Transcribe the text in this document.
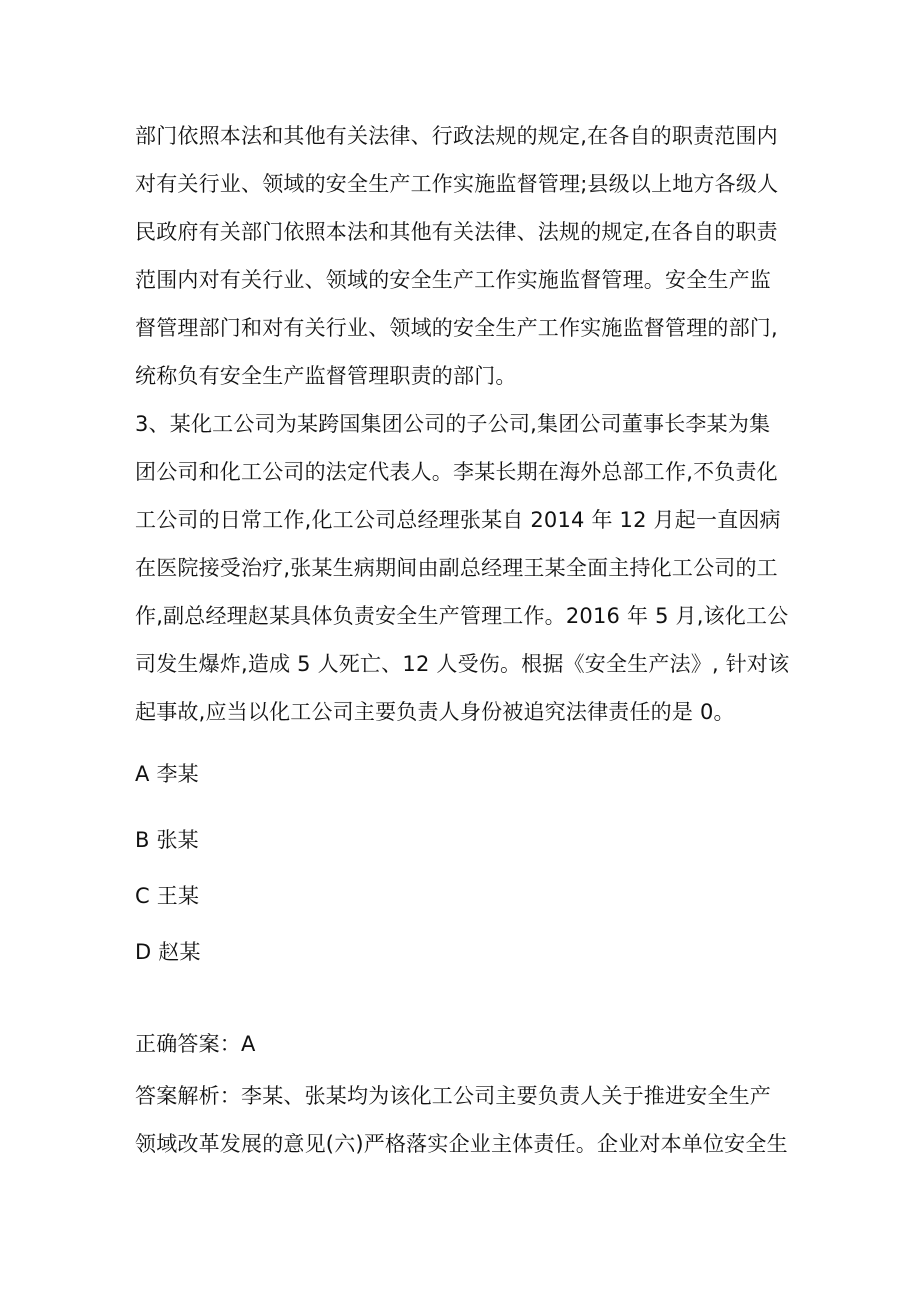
部门依照本法和其他有关法律、行政法规的规定,在各自的职责范围内
对有关行业、领域的安全生产工作实施监督管理;县级以上地方各级人
民政府有关部门依照本法和其他有关法律、法规的规定,在各自的职责
范围内对有关行业、领域的安全生产工作实施监督管理。安全生产监
督管理部门和对有关行业、领域的安全生产工作实施监督管理的部门,
统称负有安全生产监督管理职责的部门。
3、某化工公司为某跨国集团公司的子公司,集团公司董事长李某为集
团公司和化工公司的法定代表人。李某长期在海外总部工作,不负责化
工公司的日常工作,化工公司总经理张某自 2014 年 12 月起一直因病
在医院接受治疗,张某生病期间由副总经理王某全面主持化工公司的工
作,副总经理赵某具体负责安全生产管理工作。2016 年 5 月,该化工公
司发生爆炸,造成 5 人死亡、12 人受伤。根据《安全生产法》, 针对该
起事故,应当以化工公司主要负责人身份被追究法律责任的是 0。
A 李某
B 张某
C 王某
D 赵某
正确答案：A
答案解析：李某、张某均为该化工公司主要负责人关于推进安全生产
领域改革发展的意见(六)严格落实企业主体责任。企业对本单位安全生
